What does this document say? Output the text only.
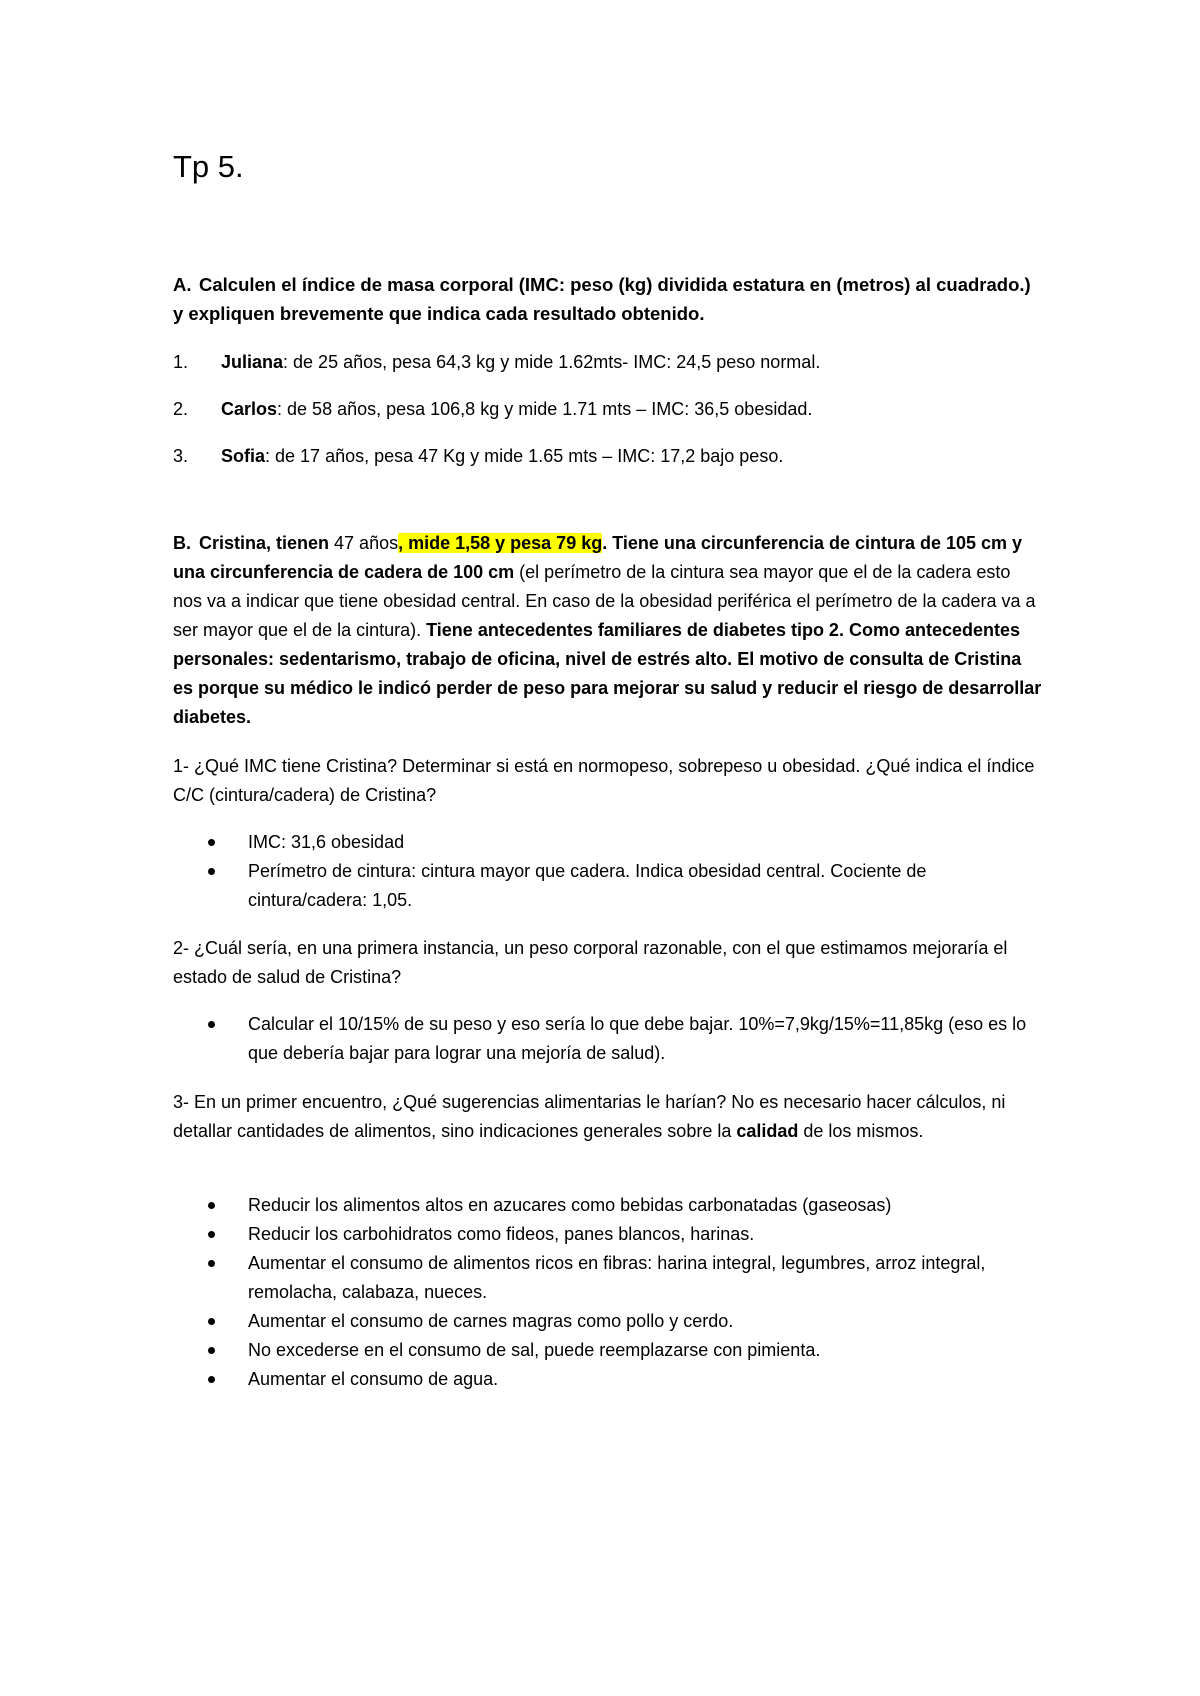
Tp 5.

A. Calculen el índice de masa corporal (IMC: peso (kg) dividida estatura en (metros) al cuadrado.) y expliquen brevemente que indica cada resultado obtenido.

1. Juliana: de 25 años, pesa 64,3 kg y mide 1.62mts- IMC: 24,5 peso normal.
2. Carlos: de 58 años, pesa 106,8 kg y mide 1.71 mts – IMC: 36,5 obesidad.
3. Sofia: de 17 años, pesa 47 Kg y mide 1.65 mts – IMC: 17,2 bajo peso.

B. Cristina, tienen 47 años, mide 1,58 y pesa 79 kg. Tiene una circunferencia de cintura de 105 cm y una circunferencia de cadera de 100 cm (el perímetro de la cintura sea mayor que el de la cadera esto nos va a indicar que tiene obesidad central. En caso de la obesidad periférica el perímetro de la cadera va a ser mayor que el de la cintura). Tiene antecedentes familiares de diabetes tipo 2. Como antecedentes personales: sedentarismo, trabajo de oficina, nivel de estrés alto. El motivo de consulta de Cristina es porque su médico le indicó perder de peso para mejorar su salud y reducir el riesgo de desarrollar diabetes.

1- ¿Qué IMC tiene Cristina? Determinar si está en normopeso, sobrepeso u obesidad. ¿Qué indica el índice C/C (cintura/cadera) de Cristina?

IMC: 31,6 obesidad
Perímetro de cintura: cintura mayor que cadera. Indica obesidad central. Cociente de cintura/cadera: 1,05.

2- ¿Cuál sería, en una primera instancia, un peso corporal razonable, con el que estimamos mejoraría el estado de salud de Cristina?

Calcular el 10/15% de su peso y eso sería lo que debe bajar. 10%=7,9kg/15%=11,85kg (eso es lo que debería bajar para lograr una mejoría de salud).

3- En un primer encuentro, ¿Qué sugerencias alimentarias le harían? No es necesario hacer cálculos, ni detallar cantidades de alimentos, sino indicaciones generales sobre la calidad de los mismos.

Reducir los alimentos altos en azucares como bebidas carbonatadas (gaseosas)
Reducir los carbohidratos como fideos, panes blancos, harinas.
Aumentar el consumo de alimentos ricos en fibras: harina integral, legumbres, arroz integral, remolacha, calabaza, nueces.
Aumentar el consumo de carnes magras como pollo y cerdo.
No excederse en el consumo de sal, puede reemplazarse con pimienta.
Aumentar el consumo de agua.
